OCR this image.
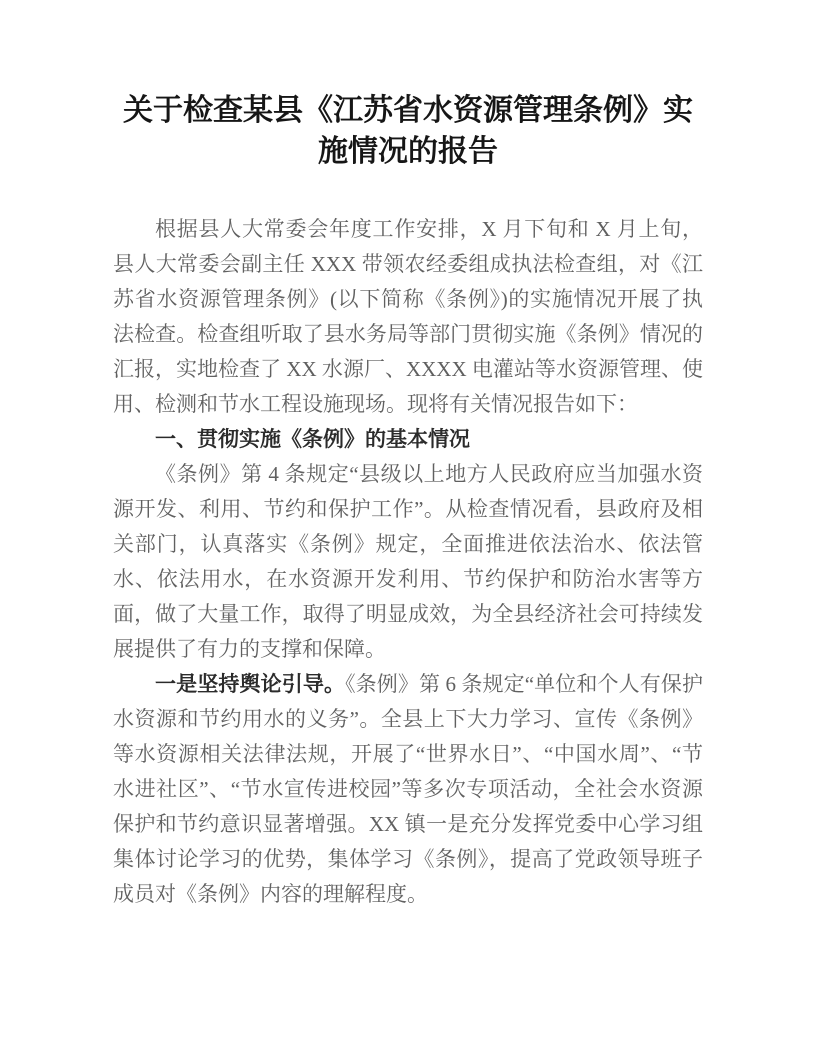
关于检查某县《江苏省水资源管理条例》实施情况的报告

根据县人大常委会年度工作安排，X 月下旬和 X 月上旬，县人大常委会副主任 XXX 带领农经委组成执法检查组，对《江苏省水资源管理条例》(以下简称《条例》)的实施情况开展了执法检查。检查组听取了县水务局等部门贯彻实施《条例》情况的汇报，实地检查了 XX 水源厂、XXXX 电灌站等水资源管理、使用、检测和节水工程设施现场。现将有关情况报告如下：

一、贯彻实施《条例》的基本情况

《条例》第 4 条规定“县级以上地方人民政府应当加强水资源开发、利用、节约和保护工作”。从检查情况看，县政府及相关部门，认真落实《条例》规定，全面推进依法治水、依法管水、依法用水，在水资源开发利用、节约保护和防治水害等方面，做了大量工作，取得了明显成效，为全县经济社会可持续发展提供了有力的支撑和保障。

一是坚持舆论引导。《条例》第 6 条规定“单位和个人有保护水资源和节约用水的义务”。全县上下大力学习、宣传《条例》等水资源相关法律法规，开展了“世界水日”、“中国水周”、“节水进社区”、“节水宣传进校园”等多次专项活动，全社会水资源保护和节约意识显著增强。XX 镇一是充分发挥党委中心学习组集体讨论学习的优势，集体学习《条例》，提高了党政领导班子成员对《条例》内容的理解程度。
